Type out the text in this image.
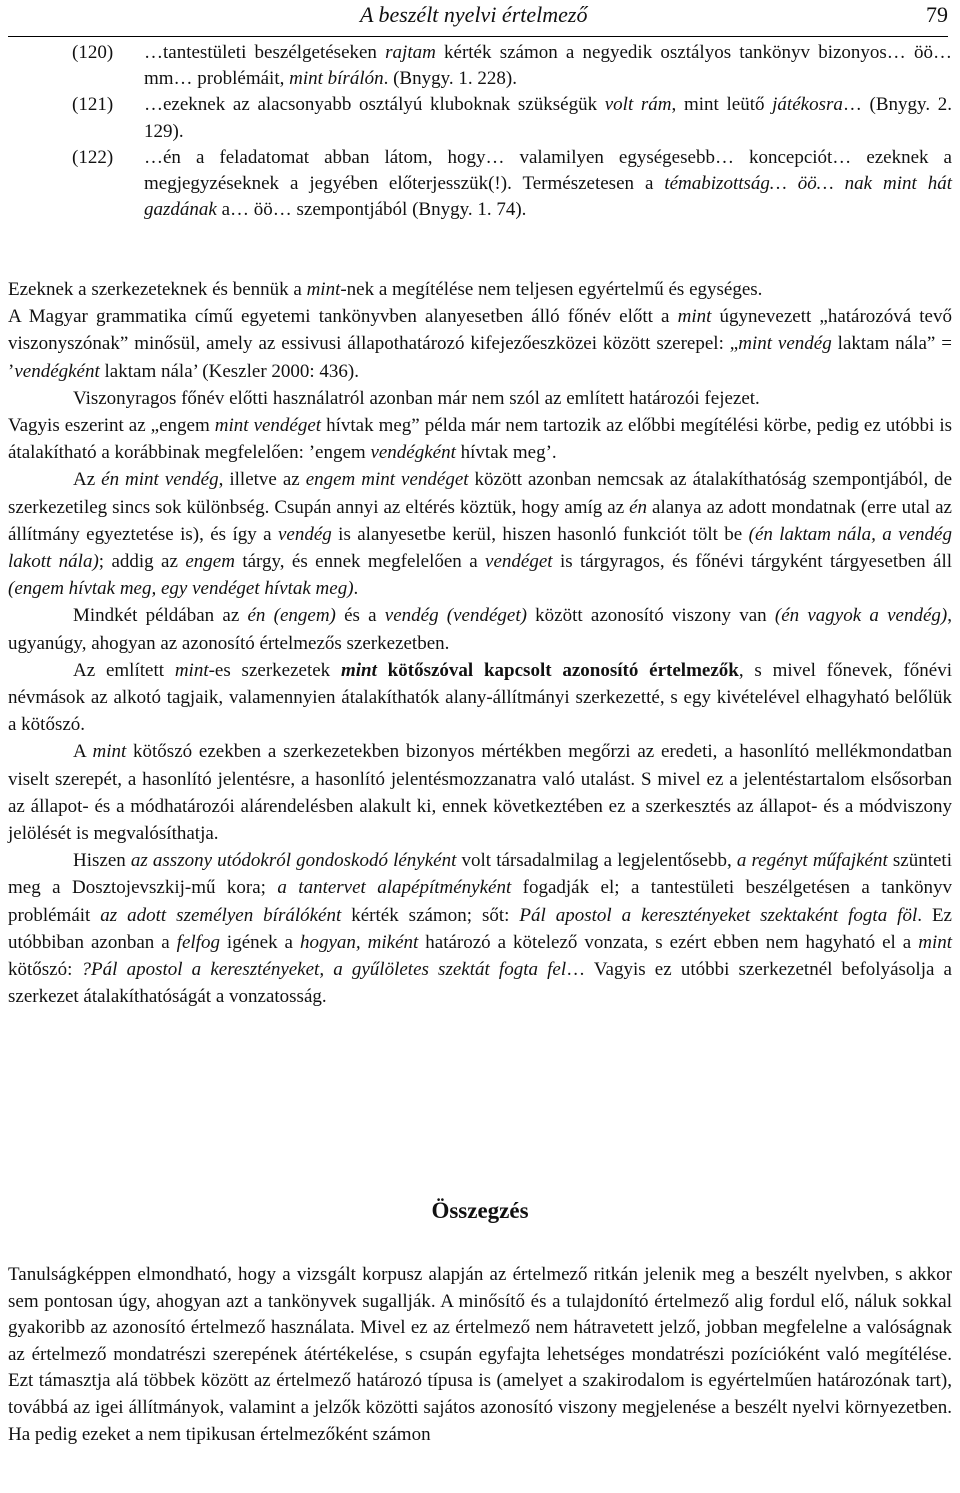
A beszélt nyelvi értelmező	79
(120) …tantestületi beszélgetéseken rajtam kérték számon a negyedik osztályos tankönyv bizonyos… öö… mm… problémáit, mint bírálón. (Bnygy. 1. 228).
(121) …ezeknek az alacsonyabb osztályú kluboknak szükségük volt rám, mint leütő játékosra… (Bnygy. 2. 129).
(122) …én a feladatomat abban látom, hogy… valamilyen egységesebb… koncepciót… ezeknek a megjegyzéseknek a jegyében előterjesszük(!). Természetesen a témabizottság… öö… nak mint hát gazdának a… öö… szempontjából (Bnygy. 1. 74).

Ezeknek a szerkezeteknek és bennük a mint-nek a megítélése nem teljesen egyértelmű és egységes.

A Magyar grammatika című egyetemi tankönyvben alanyesetben álló főnév előtt a mint úgynevezett „határozóvá tevő viszonyszónak” minősül, amely az essivusi állapothatározó kifejezőeszközei között szerepel: „mint vendég laktam nála” = ’vendégként laktam nála’ (Keszler 2000: 436).

Viszonyragos főnév előtti használatról azonban már nem szól az említett határozói fejezet.

Vagyis eszerint az „engem mint vendéget hívtak meg” példa már nem tartozik az előbbi megítélési körbe, pedig ez utóbbi is átalakítható a korábbinak megfelelően: ’engem vendégként hívtak meg’.

Az én mint vendég, illetve az engem mint vendéget között azonban nemcsak az átalakíthatóság szempontjából, de szerkezetileg sincs sok különbség. Csupán annyi az eltérés köztük, hogy amíg az én alanya az adott mondatnak (erre utal az állítmány egyeztetése is), és így a vendég is alanyesetbe kerül, hiszen hasonló funkciót tölt be (én laktam nála, a vendég lakott nála); addig az engem tárgy, és ennek megfelelően a vendéget is tárgyragos, és főnévi tárgyként tárgyesetben áll (engem hívtak meg, egy vendéget hívtak meg).

Mindkét példában az én (engem) és a vendég (vendéget) között azonosító viszony van (én vagyok a vendég), ugyanúgy, ahogyan az azonosító értelmezős szerkezetben.

Az említett mint-es szerkezetek mint kötőszóval kapcsolt azonosító értelmezők, s mivel főnevek, főnévi névmások az alkotó tagjaik, valamennyien átalakíthatók alany-állítmányi szerkezetté, s egy kivételével elhagyható belőlük a kötőszó.

A mint kötőszó ezekben a szerkezetekben bizonyos mértékben megőrzi az eredeti, a hasonlító mellékmondatban viselt szerepét, a hasonlító jelentésre, a hasonlító jelentésmozzanatra való utalást. S mivel ez a jelentéstartalom elsősorban az állapot- és a módhatározói alárendelésben alakult ki, ennek következtében ez a szerkesztés az állapot- és a módviszony jelölését is megvalósíthatja.

Hiszen az asszony utódokról gondoskodó lényként volt társadalmilag a legjelentősebb, a regényt műfajként szünteti meg a Dosztojevszkij-mű kora; a tantervet alapépítményként fogadják el; a tantestületi beszélgetésen a tankönyv problémáit az adott személyen bírálóként kérték számon; sőt: Pál apostol a keresztényeket szektaként fogta föl. Ez utóbbiban azonban a felfog igének a hogyan, miként határozó a kötelező vonzata, s ezért ebben nem hagyható el a mint kötőszó: ?Pál apostol a keresztényeket, a gyűlöletes szektát fogta fel… Vagyis ez utóbbi szerkezetnél befolyásolja a szerkezet átalakíthatóságát a vonzatosság.

Összegzés

Tanulságképpen elmondható, hogy a vizsgált korpusz alapján az értelmező ritkán jelenik meg a beszélt nyelvben, s akkor sem pontosan úgy, ahogyan azt a tankönyvek sugallják. A minősítő és a tulajdonító értelmező alig fordul elő, náluk sokkal gyakoribb az azonosító értelmező használata. Mivel ez az értelmező nem hátravetett jelző, jobban megfelelne a valóságnak az értelmező mondatrészi szerepének átértékelése, s csupán egyfajta lehetséges mondatrészi pozícióként való megítélése. Ezt támasztja alá többek között az értelmező határozó típusa is (amelyet a szakirodalom is egyértelműen határozónak tart), továbbá az igei állítmányok, valamint a jelzők közötti sajátos azonosító viszony megjelenése a beszélt nyelvi környezetben. Ha pedig ezeket a nem tipikusan értelmezőként számon
